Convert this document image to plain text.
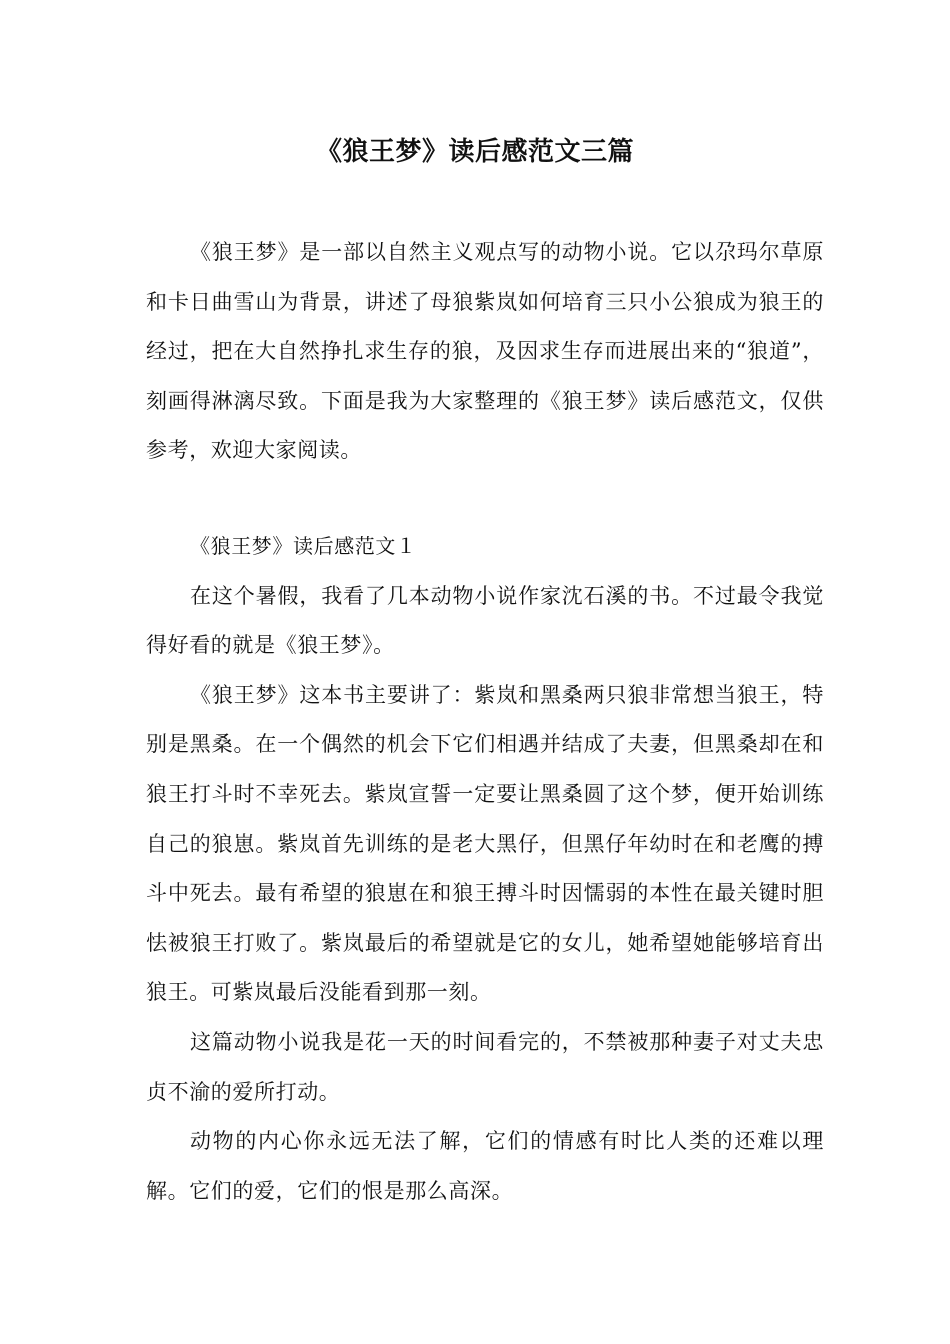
《狼王梦》读后感范文三篇

《狼王梦》是一部以自然主义观点写的动物小说。它以尕玛尔草原和卡日曲雪山为背景，讲述了母狼紫岚如何培育三只小公狼成为狼王的经过，把在大自然挣扎求生存的狼，及因求生存而进展出来的“狼道”，刻画得淋漓尽致。下面是我为大家整理的《狼王梦》读后感范文，仅供参考，欢迎大家阅读。

《狼王梦》读后感范文１

在这个暑假，我看了几本动物小说作家沈石溪的书。不过最令我觉得好看的就是《狼王梦》。

《狼王梦》这本书主要讲了：紫岚和黑桑两只狼非常想当狼王，特别是黑桑。在一个偶然的机会下它们相遇并结成了夫妻，但黑桑却在和狼王打斗时不幸死去。紫岚宣誓一定要让黑桑圆了这个梦，便开始训练自己的狼崽。紫岚首先训练的是老大黑仔，但黑仔年幼时在和老鹰的搏斗中死去。最有希望的狼崽在和狼王搏斗时因懦弱的本性在最关键时胆怯被狼王打败了。紫岚最后的希望就是它的女儿，她希望她能够培育出狼王。可紫岚最后没能看到那一刻。

这篇动物小说我是花一天的时间看完的，不禁被那种妻子对丈夫忠贞不渝的爱所打动。

动物的内心你永远无法了解，它们的情感有时比人类的还难以理解。它们的爱，它们的恨是那么高深。
